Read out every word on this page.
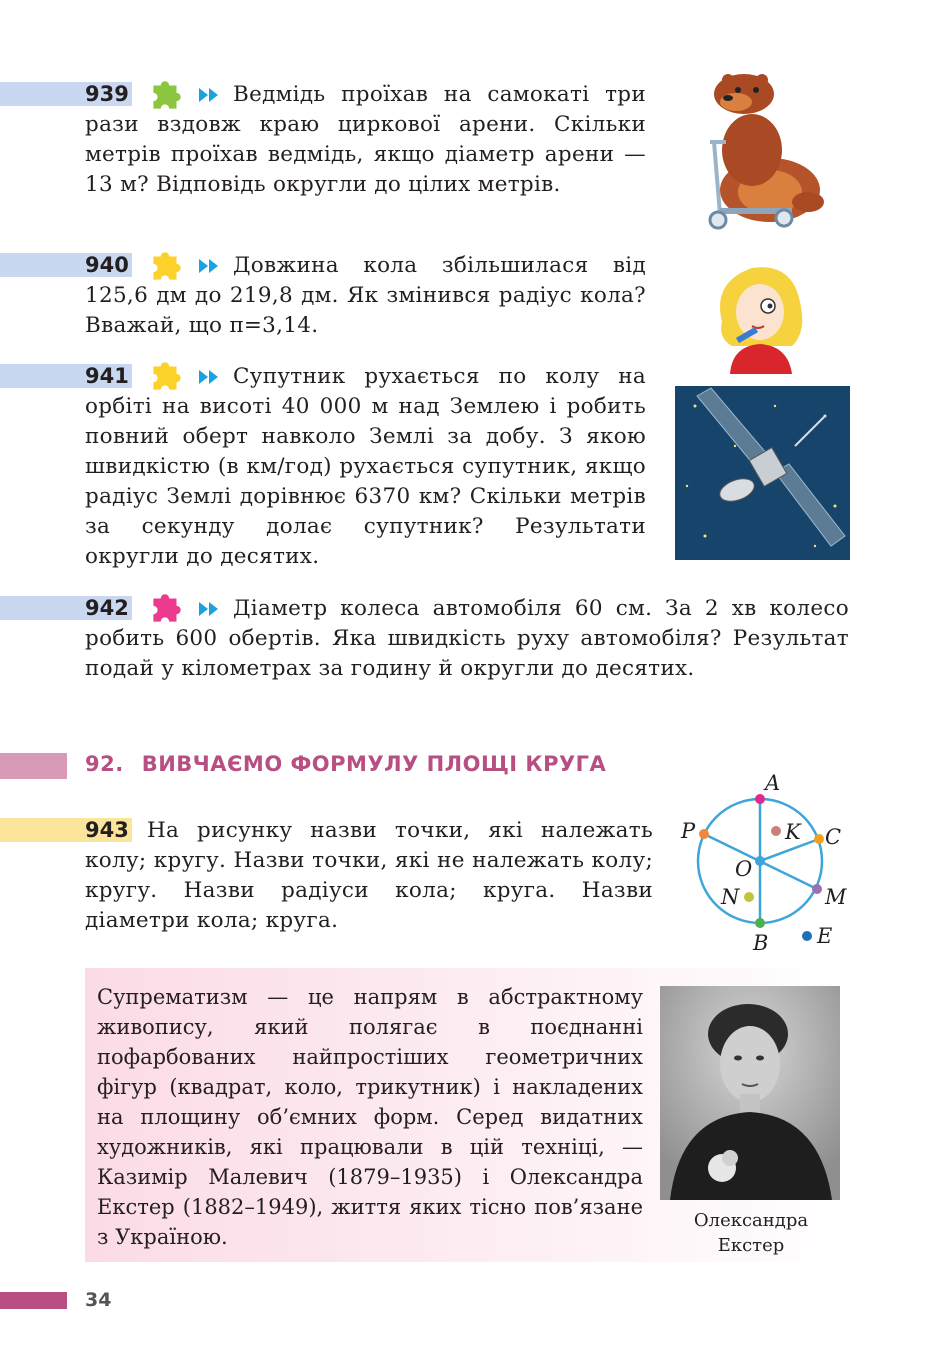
939	Ведмідь проїхав на самокаті три рази вздовж краю циркової арени. Скільки метрів проїхав ведмідь, якщо діаметр арени — 13 м? Відповідь округли до цілих метрів.
940	Довжина кола збільшилася від 125,6 дм до 219,8 дм. Як змінився радіус кола? Вважай, що π=3,14.
941	Супутник рухається по колу на орбіті на висоті 40 000 м над Землею і робить повний оберт навколо Землі за добу. З якою швидкістю (в км/год) рухається супутник, якщо радіус Землі дорівнює 6370 км? Скільки метрів за секунду долає супутник? Результати округли до десятих.
942	Діаметр колеса автомобіля 60 см. За 2 хв колесо робить 600 обертів. Яка швидкість руху автомобіля? Результат подай у кілометрах за годину й округли до десятих.
92. ВИВЧАЄМО ФОРМУЛУ ПЛОЩІ КРУГА
943 На рисунку назви точки, які належать колу; кругу. Назви точки, які не належать колу; кругу. Назви радіуси кола; круга. Назви діаметри кола; круга.
A
P	K C
O
N	M
B E
Супрематизм — це напрям в абстрактному живопису, який полягає в поєднанні пофарбованих найпростіших геометричних фігур (квадрат, коло, трикутник) і накладених на площину об’ємних форм. Серед видатних художників, які працювали в цій техніці, — Казимір Малевич (1879–1935) і Олександра Екстер (1882–1949), життя яких тісно пов’язане з Україною.
Олександра
Екстер
34
